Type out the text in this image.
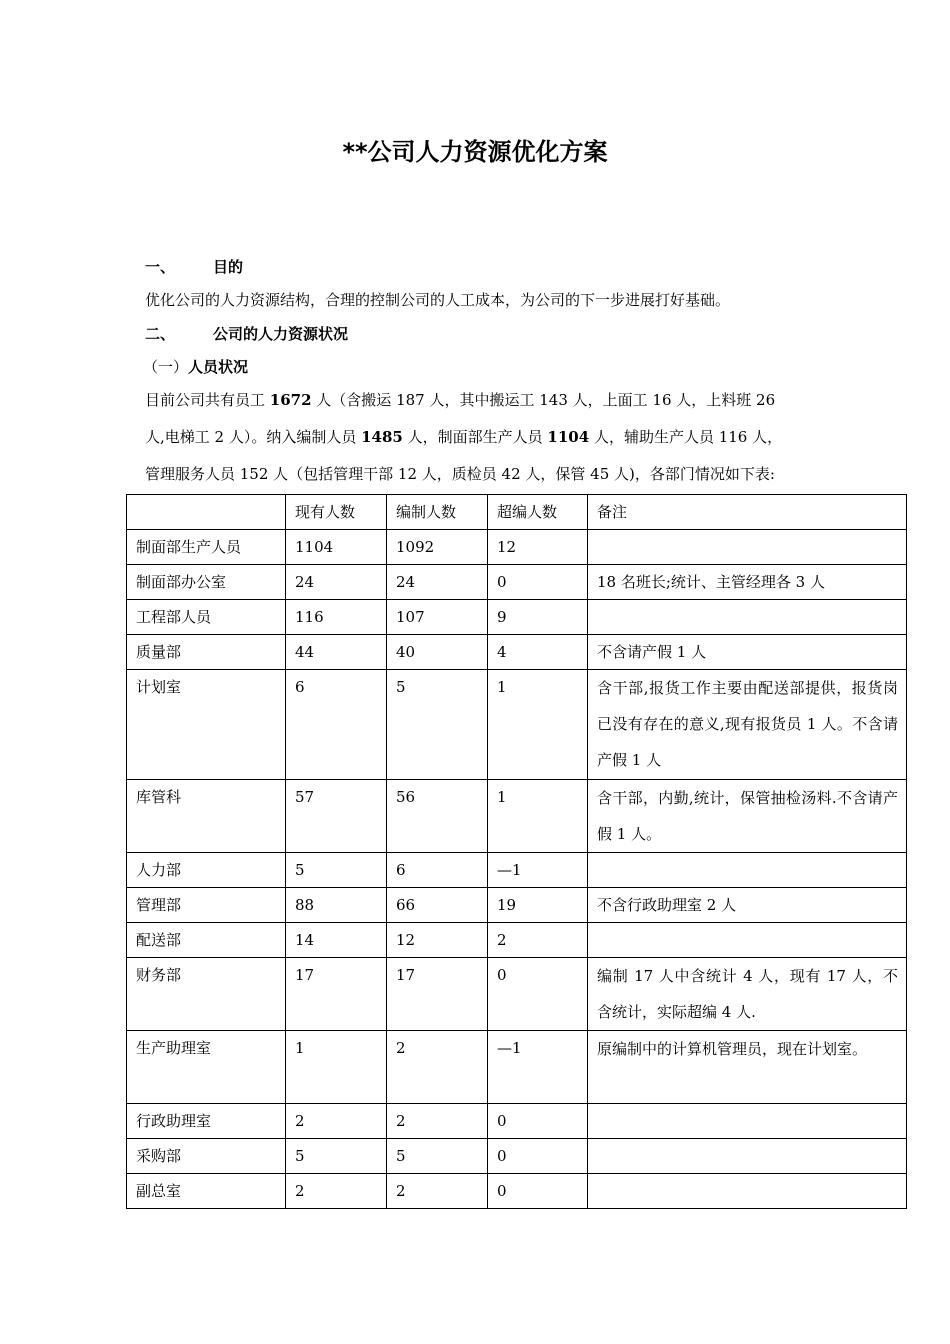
**公司人力资源优化方案
一、	目的
优化公司的人力资源结构，合理的控制公司的人工成本，为公司的下一步进展打好基础。
二、	公司的人力资源状况
（一）人员状况
目前公司共有员工 1672 人（含搬运 187 人，其中搬运工 143 人，上面工 16 人，上料班 26
人,电梯工 2 人）。纳入编制人员 1485 人，制面部生产人员 1104 人，辅助生产人员 116 人，
管理服务人员 152 人（包括管理干部 12 人，质检员 42 人，保管 45 人)，各部门情况如下表:
	现有人数	编制人数	超编人数	备注
制面部生产人员	1104	1092	12	
制面部办公室	24	24	0	18 名班长;统计、主管经理各 3 人
工程部人员	116	107	9	
质量部	44	40	4	不含请产假 1 人
计划室	6	5	1	含干部,报货工作主要由配送部提供，报货岗已没有存在的意义,现有报货员 1 人。不含请产假 1 人
库管科	57	56	1	含干部，内勤,统计，保管抽检汤料.不含请产假 1 人。
人力部	5	6	—1	
管理部	88	66	19	不含行政助理室 2 人
配送部	14	12	2	
财务部	17	17	0	编制 17 人中含统计 4 人，现有 17 人，不含统计，实际超编 4 人.
生产助理室	1	2	—1	原编制中的计算机管理员，现在计划室。
行政助理室	2	2	0	
采购部	5	5	0	
副总室	2	2	0	
